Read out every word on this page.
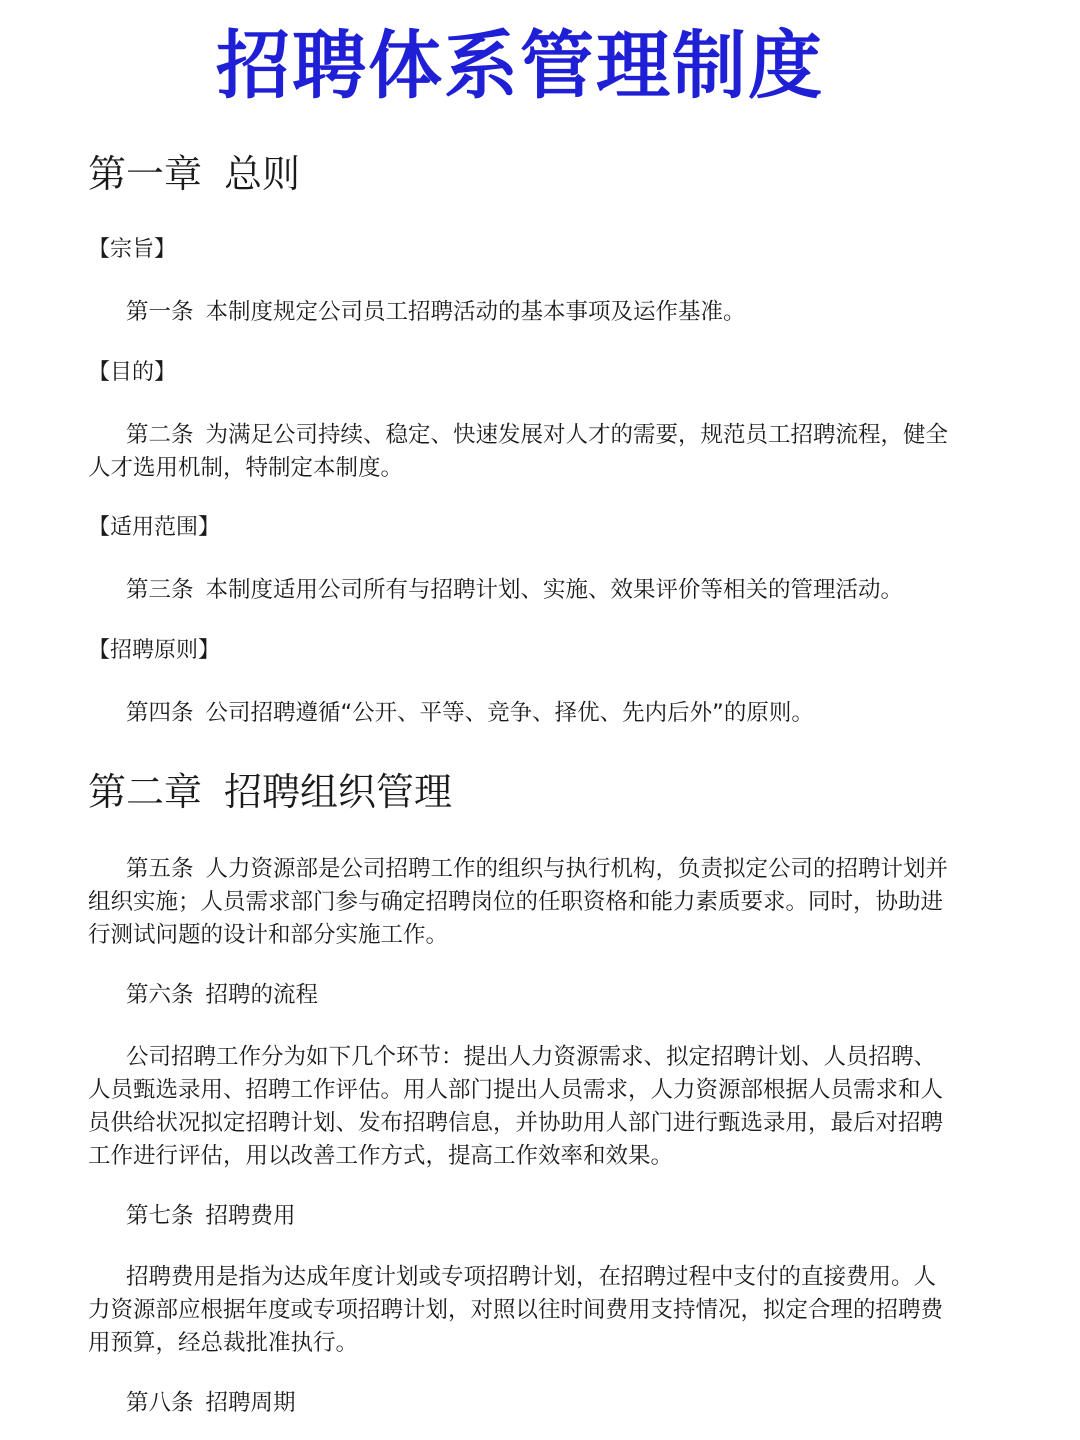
招聘体系管理制度
第一章 总则
【宗旨】
第一条 本制度规定公司员工招聘活动的基本事项及运作基准。
【目的】
第二条 为满足公司持续、稳定、快速发展对人才的需要，规范员工招聘流程，健全人才选用机制，特制定本制度。
【适用范围】
第三条 本制度适用公司所有与招聘计划、实施、效果评价等相关的管理活动。
【招聘原则】
第四条 公司招聘遵循“公开、平等、竞争、择优、先内后外”的原则。
第二章 招聘组织管理
第五条 人力资源部是公司招聘工作的组织与执行机构，负责拟定公司的招聘计划并组织实施；人员需求部门参与确定招聘岗位的任职资格和能力素质要求。同时，协助进行测试问题的设计和部分实施工作。
第六条 招聘的流程
公司招聘工作分为如下几个环节：提出人力资源需求、拟定招聘计划、人员招聘、人员甄选录用、招聘工作评估。用人部门提出人员需求，人力资源部根据人员需求和人员供给状况拟定招聘计划、发布招聘信息，并协助用人部门进行甄选录用，最后对招聘工作进行评估，用以改善工作方式，提高工作效率和效果。
第七条 招聘费用
招聘费用是指为达成年度计划或专项招聘计划，在招聘过程中支付的直接费用。人力资源部应根据年度或专项招聘计划，对照以往时间费用支持情况，拟定合理的招聘费用预算，经总裁批准执行。
第八条 招聘周期
